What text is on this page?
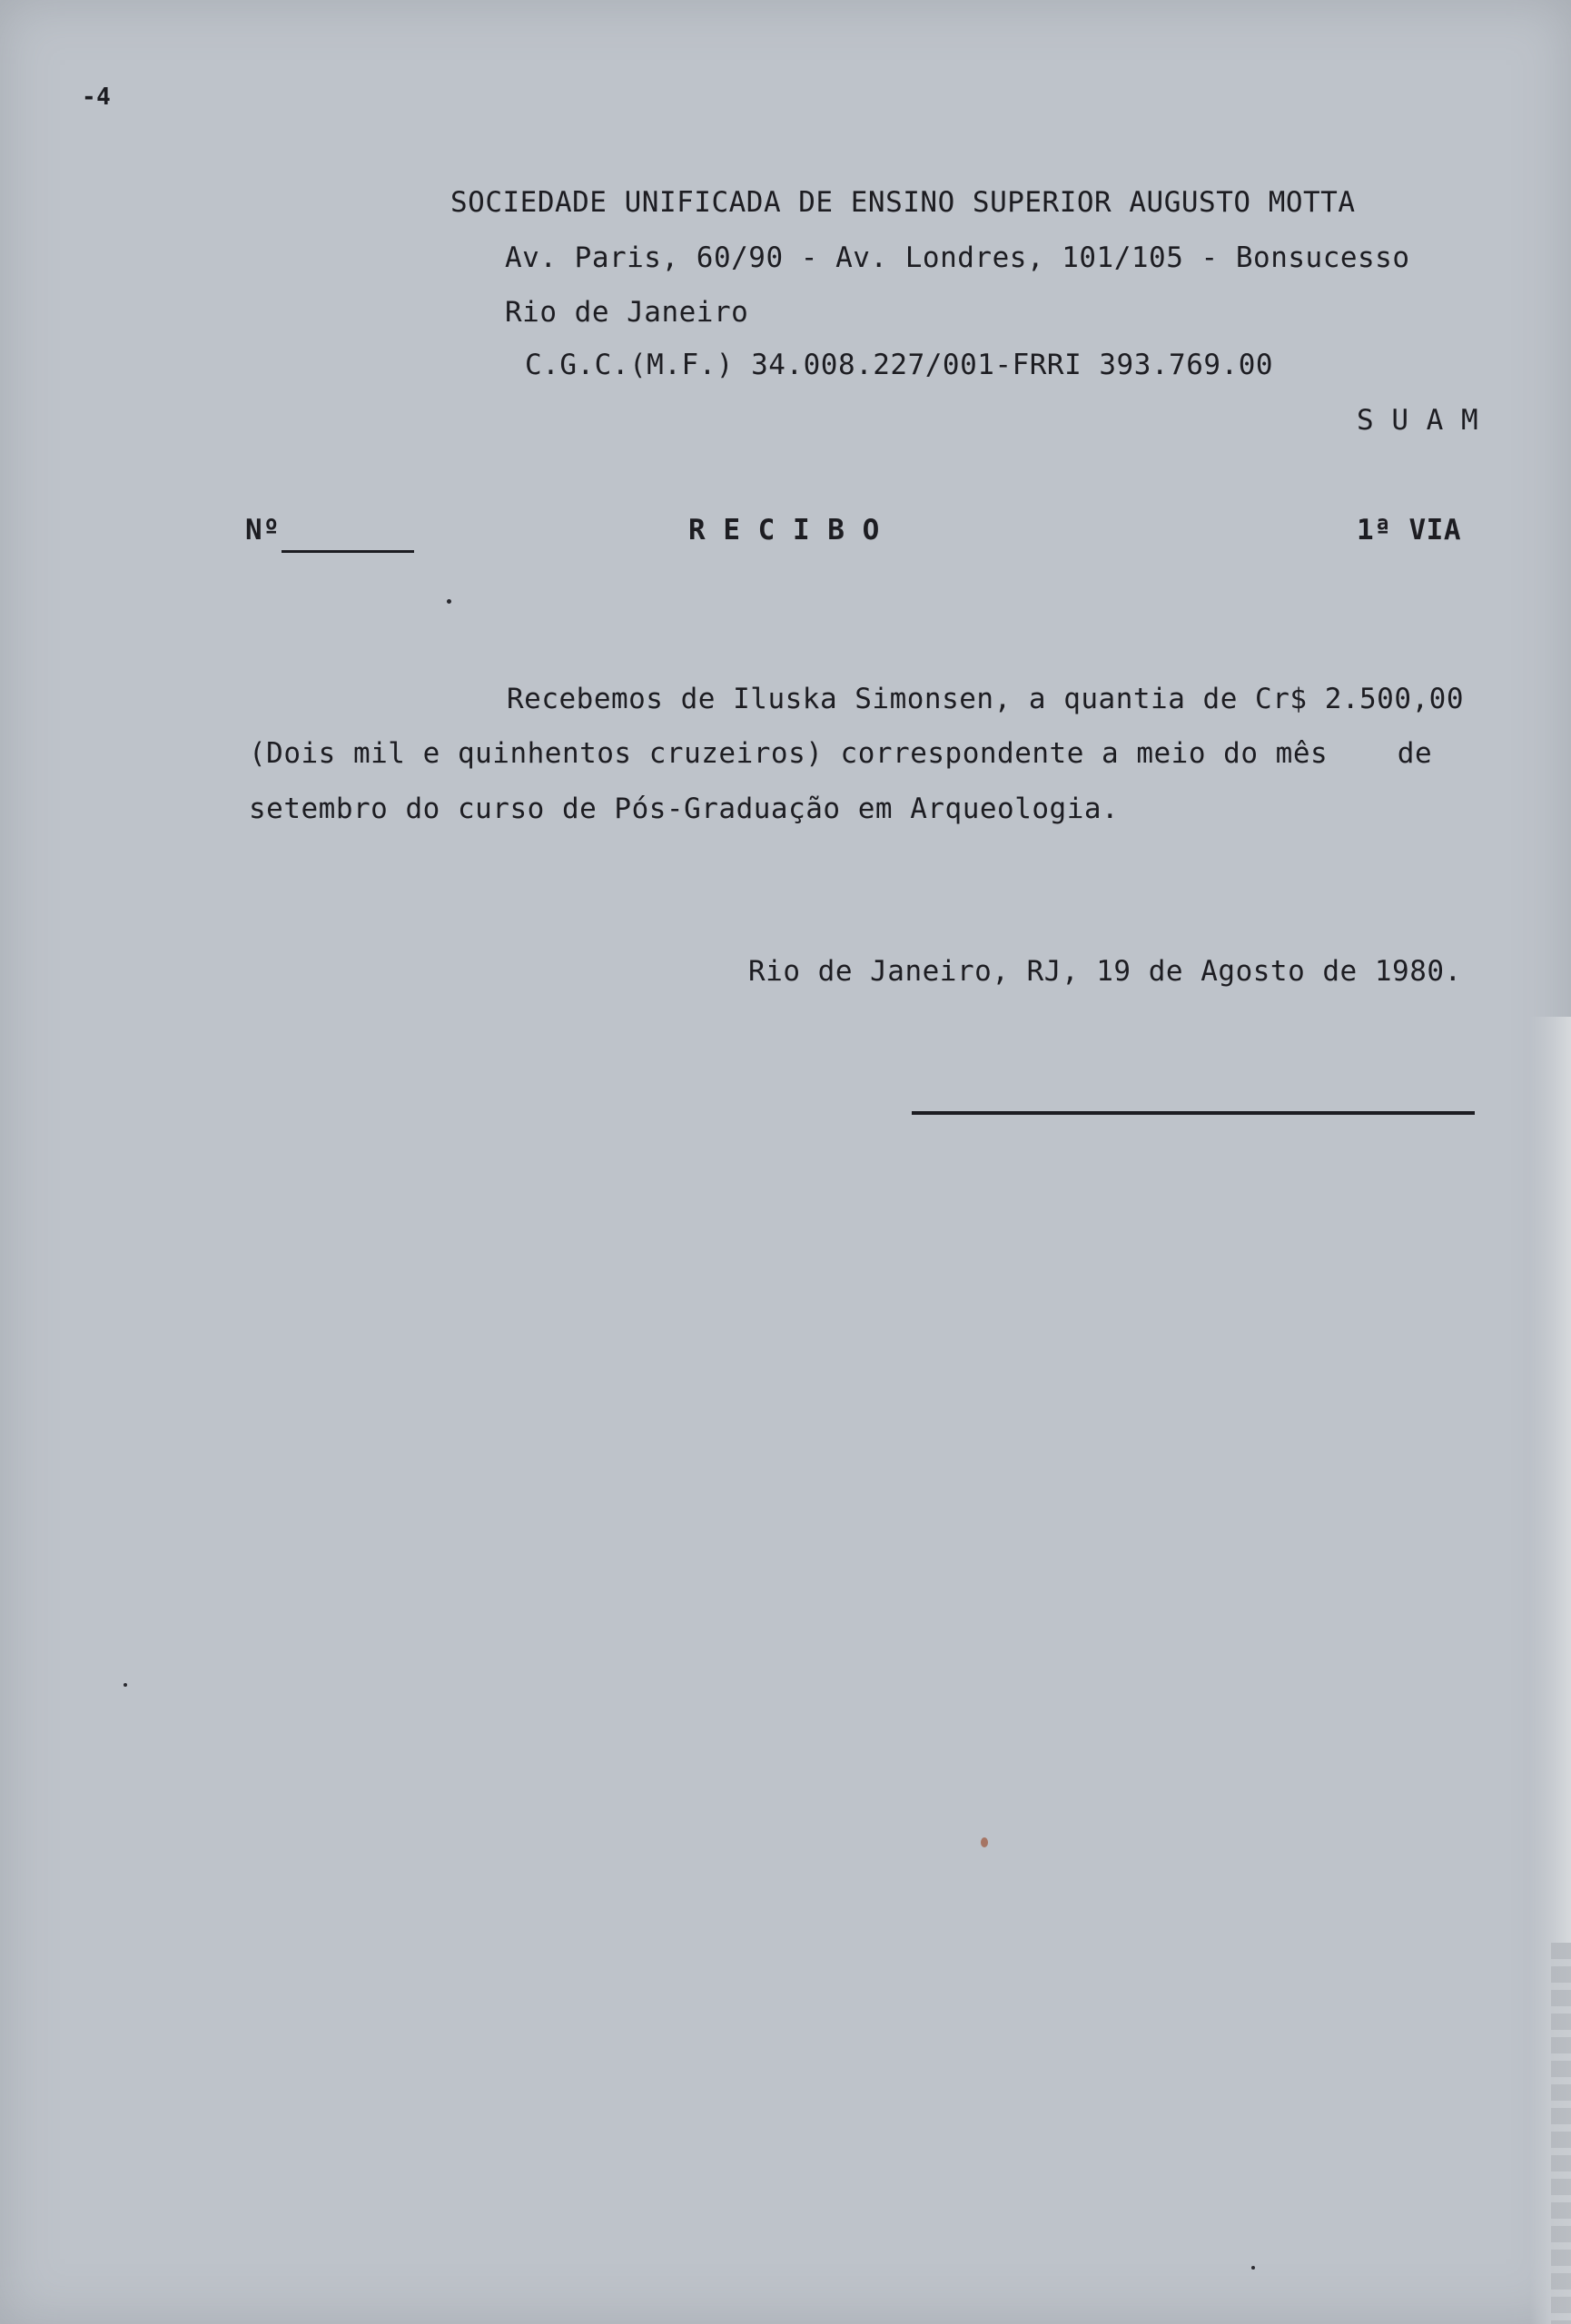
-4
SOCIEDADE UNIFICADA DE ENSINO SUPERIOR AUGUSTO MOTTA
Av. Paris, 60/90 - Av. Londres, 101/105 - Bonsucesso
Rio de Janeiro
C.G.C.(M.F.) 34.008.227/001-FRRI 393.769.00
S U A M
Nº	R E C I B O	1ª VIA
Recebemos de Iluska Simonsen, a quantia de Cr$ 2.500,00
(Dois mil e quinhentos cruzeiros) correspondente a meio do mês    de
setembro do curso de Pós-Graduação em Arqueologia.
Rio de Janeiro, RJ, 19 de Agosto de 1980.
